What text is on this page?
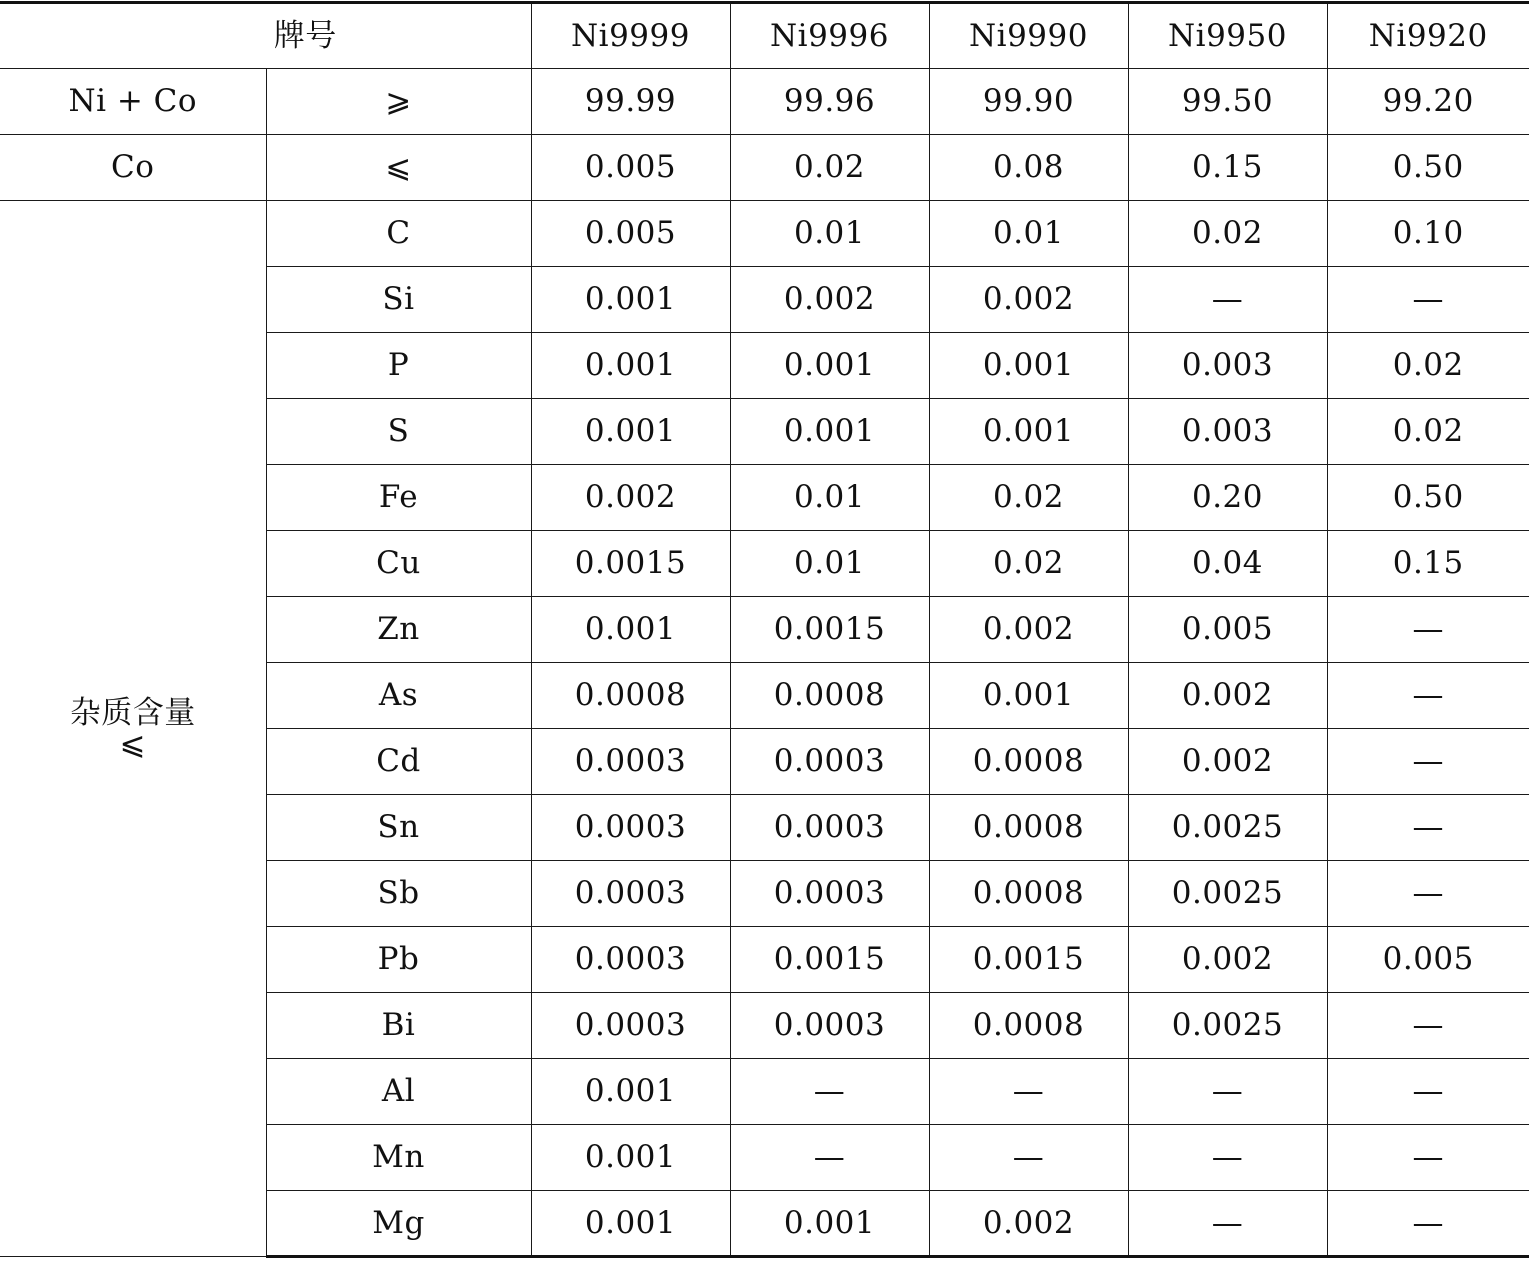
牌号		Ni9999	Ni9996	Ni9990	Ni9950	Ni9920
Ni + Co	⩾	99.99	99.96	99.90	99.50	99.20
Co	⩽	0.005	0.02	0.08	0.15	0.50

杂质含量
⩽	C	0.005	0.01	0.01	0.02	0.10
	Si	0.001	0.002	0.002	—	—
	P	0.001	0.001	0.001	0.003	0.02
	S	0.001	0.001	0.001	0.003	0.02
	Fe	0.002	0.01	0.02	0.20	0.50
	Cu	0.0015	0.01	0.02	0.04	0.15
	Zn	0.001	0.0015	0.002	0.005	—
	As	0.0008	0.0008	0.001	0.002	—
	Cd	0.0003	0.0003	0.0008	0.002	—
	Sn	0.0003	0.0003	0.0008	0.0025	—
	Sb	0.0003	0.0003	0.0008	0.0025	—
	Pb	0.0003	0.0015	0.0015	0.002	0.005
	Bi	0.0003	0.0003	0.0008	0.0025	—
	Al	0.001	—	—	—	—
	Mn	0.001	—	—	—	—
	Mg	0.001	0.001	0.002	—	—
